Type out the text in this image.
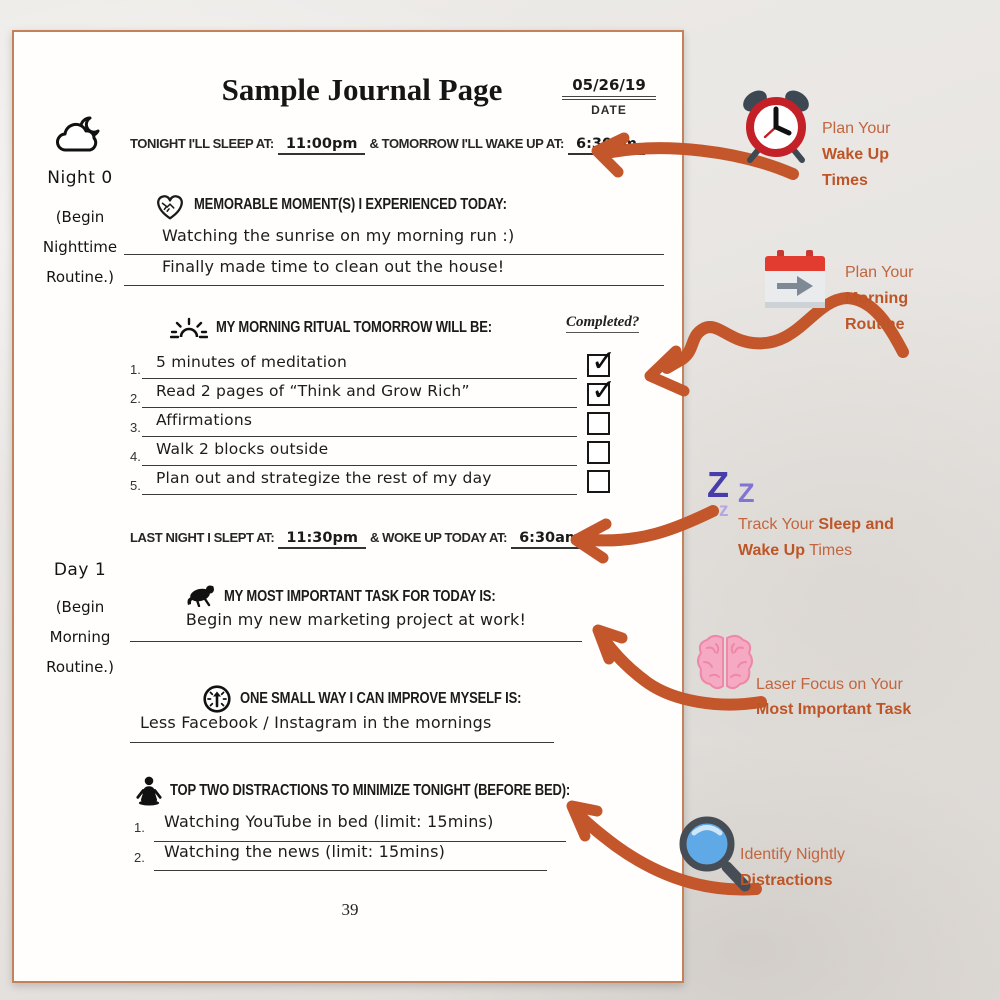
Sample Journal Page	05/26/19
DATE
TONIGHT I'LL SLEEP AT: 11:00pm & TOMORROW I'LL WAKE UP AT: 6:30am
Night 0
(Begin Nighttime Routine.)
MEMORABLE MOMENT(S) I EXPERIENCED TODAY:
Watching the sunrise on my morning run :)
Finally made time to clean out the house!
MY MORNING RITUAL TOMORROW WILL BE:	Completed?
1. 5 minutes of meditation	✓
2. Read 2 pages of “Think and Grow Rich”	✓
3. Affirmations
4. Walk 2 blocks outside
5. Plan out and strategize the rest of my day
LAST NIGHT I SLEPT AT: 11:30pm & WOKE UP TODAY AT: 6:30am
Day 1
(Begin Morning Routine.)
MY MOST IMPORTANT TASK FOR TODAY IS:
Begin my new marketing project at work!
ONE SMALL WAY I CAN IMPROVE MYSELF IS:
Less Facebook / Instagram in the mornings
TOP TWO DISTRACTIONS TO MINIMIZE TONIGHT (BEFORE BED):
1.	Watching YouTube in bed (limit: 15mins)
2.	Watching the news (limit: 15mins)
39
Plan Your
Wake Up
Times
Plan Your
Morning
Routine
Z Z
z
Track Your Sleep and
Wake Up Times
Laser Focus on Your
Most Important Task
Identify Nightly
Distractions
